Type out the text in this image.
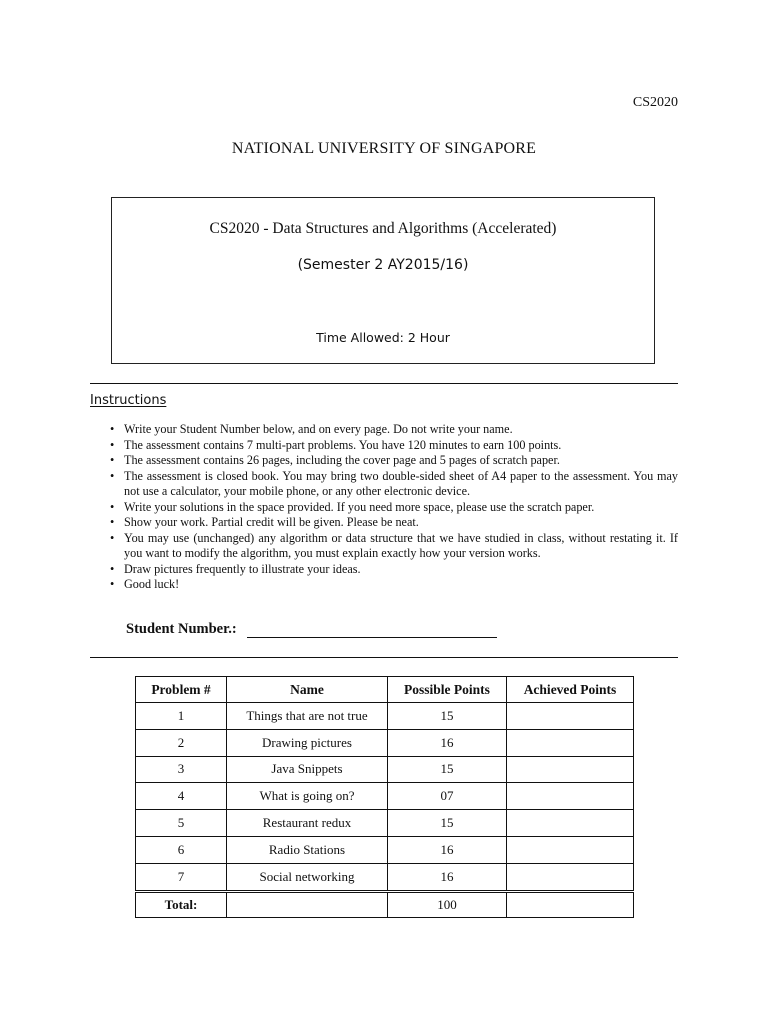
CS2020
NATIONAL UNIVERSITY OF SINGAPORE
CS2020 - Data Structures and Algorithms (Accelerated)
(Semester 2 AY2015/16)
Time Allowed: 2 Hour
Instructions
• Write your Student Number below, and on every page. Do not write your name.
• The assessment contains 7 multi-part problems. You have 120 minutes to earn 100 points.
• The assessment contains 26 pages, including the cover page and 5 pages of scratch paper.
• The assessment is closed book. You may bring two double-sided sheet of A4 paper to the assessment. You may not use a calculator, your mobile phone, or any other electronic device.
• Write your solutions in the space provided. If you need more space, please use the scratch paper.
• Show your work. Partial credit will be given. Please be neat.
• You may use (unchanged) any algorithm or data structure that we have studied in class, without restating it. If you want to modify the algorithm, you must explain exactly how your version works.
• Draw pictures frequently to illustrate your ideas.
• Good luck!
Student Number.:
Problem #	Name	Possible Points	Achieved Points
1	Things that are not true	15	
2	Drawing pictures	16	
3	Java Snippets	15	
4	What is going on?	07	
5	Restaurant redux	15	
6	Radio Stations	16	
7	Social networking	16	
Total:		100	
